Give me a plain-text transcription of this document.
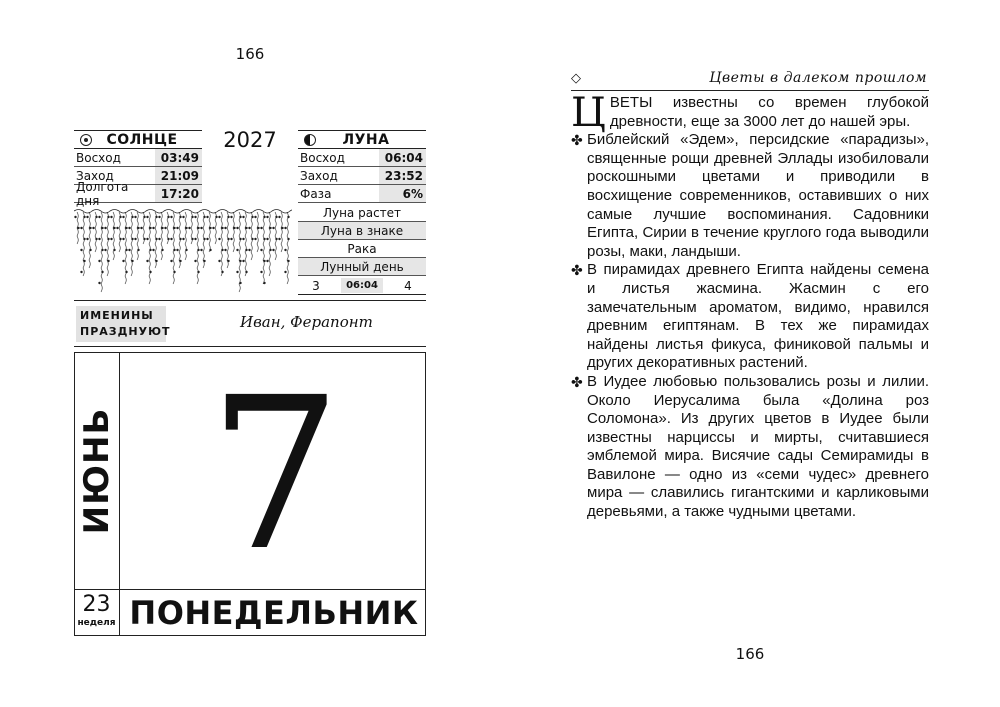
166
СОЛНЦЕ
Восход	03:49
Заход	21:09
Долгота дня	17:20
2027	ЛУНА
Восход	06:04
Заход	23:52
Фаза	6%
Луна растет
Луна в знаке
Рака
Лунный день
3	06:04	4
ИМЕНИНЫ
ПРАЗДНУЮТ
Иван, Ферапонт
ИЮНЬ 7
23
неделя ПОНЕДЕЛЬНИК
◇	Цветы в далеком прошлом

ЦВЕТЫ известны со времен глубокой древности, еще за 3000 лет до нашей эры.

✤ Библейский «Эдем», персидские «парадизы», священные рощи древней Эллады изобиловали роскошными цветами и приводили в восхищение современников, оставивших о них самые лучшие воспоминания. Садовники Египта, Сирии в течение круглого года выводили розы, маки, ландыши.

✤ В пирамидах древнего Египта найдены семена и листья жасмина. Жасмин с его замечательным ароматом, видимо, нравился древним египтянам. В тех же пирамидах найдены листья фикуса, финиковой пальмы и других декоративных растений.

✤ В Иудее любовью пользовались розы и лилии. Около Иерусалима была «Долина роз Соломона». Из других цветов в Иудее были известны нарциссы и мирты, считавшиеся эмблемой мира. Висячие сады Семирамиды в Вавилоне — одно из «семи чудес» древнего мира — славились гигантскими и карликовыми деревьями, а также чудными цветами.

166
